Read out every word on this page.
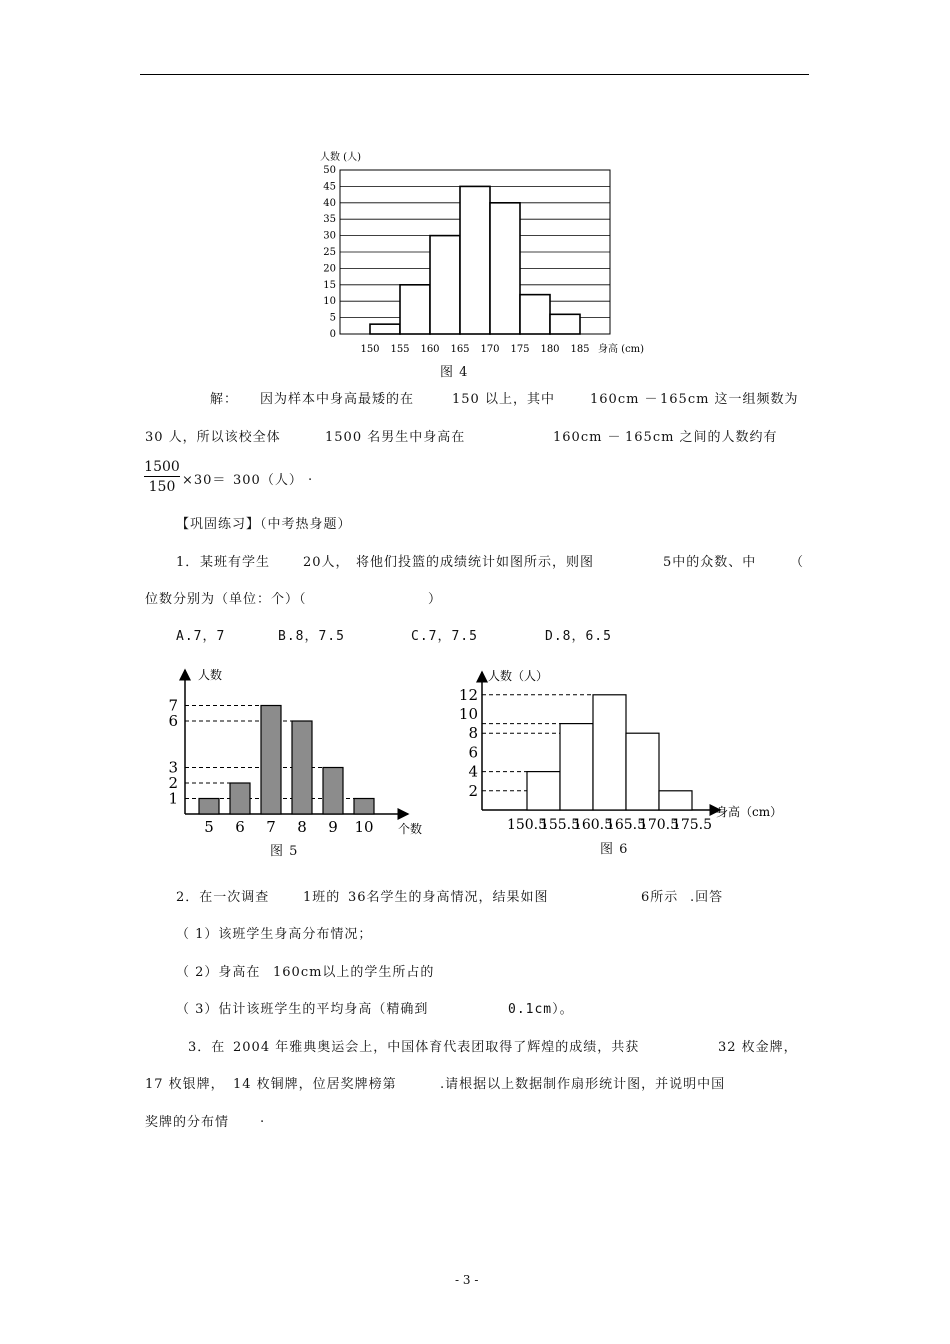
人数 (人)
0
5
10
15
20
25
30
35
40
45
50
150 155 160 165 170 175 180 185 身高 (cm)
图 4
解： 因为样本中身高最矮的在	150 以上，其中	160cm － 165cm 这一组频数为
30 人，所以该校全体	1500 名男生中身高在	160cm － 165cm 之间的人数约有
$\frac{1500}{150} \times 30= 300$（人） .
【巩固练习】（中考热身题）
1． 某班有学生	20人， 将他们投篮的成绩统计如图所示，则图	5中的众数、中	（
位数分别为（单位：个）（	）
A.7，7	B.8，7.5	C.7，7.5	D.8，6.5
人数
个数
1
2
3
6
7
5 6 7 8 9 10
图 5
人数（人）
身高（cm）
2
4
6
8
10
12
150.5
155.5
160.5
165.5
170.5
175.5
图 6
2．在一次调查	1班的 36名学生的身高情况，结果如图	6所示 .回答
（ 1）该班学生身高分布情况；
（ 2）身高在 160cm以上的学生所占的
（ 3）估计该班学生的平均身高（精确到	0.1cm）。
3．在 2004 年雅典奥运会上，中国体育代表团取得了辉煌的成绩，共获	32 枚金牌，
17 枚银牌， 14 枚铜牌，位居奖牌榜第	.请根据以上数据制作扇形统计图，并说明中国
奖牌的分布情 .
- 3 -
